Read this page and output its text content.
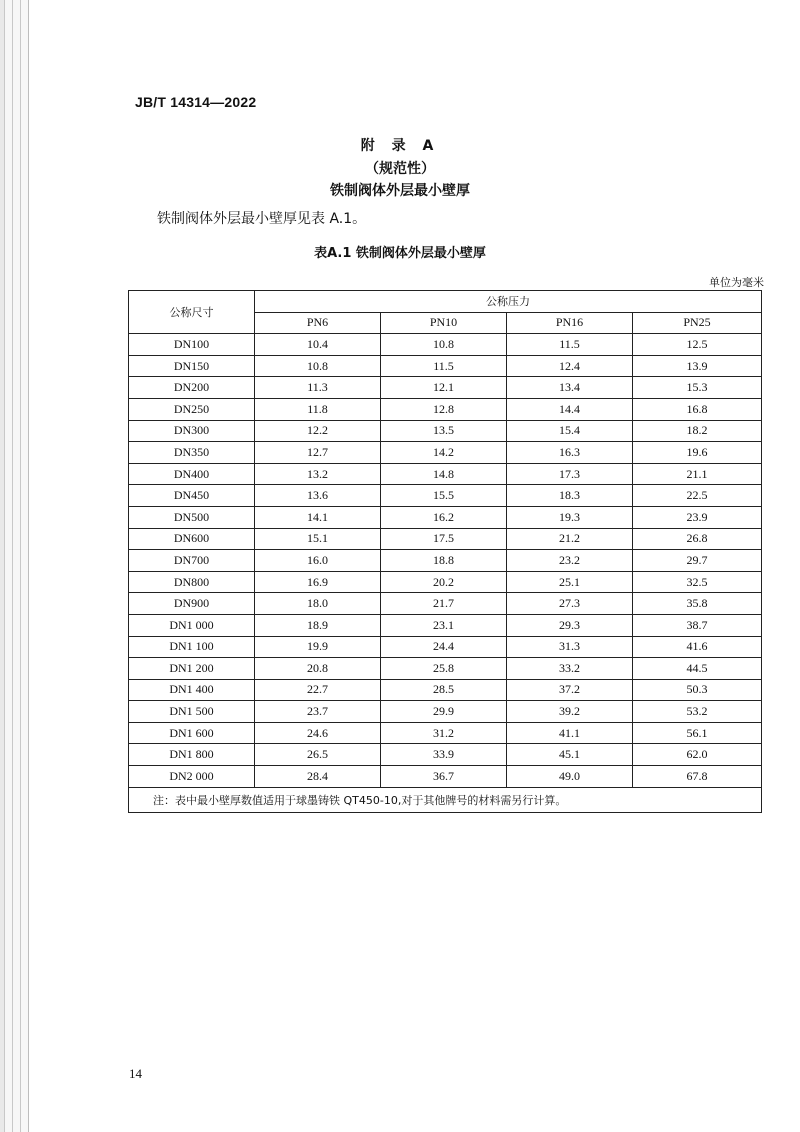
JB/T 14314—2022
附 录 A
（规范性）
铁制阀体外层最小壁厚
铁制阀体外层最小壁厚见表 A.1。
表A.1 铁制阀体外层最小壁厚
单位为毫米
公称尺寸	公称压力			
	PN6	PN10	PN16	PN25
DN100	10.4	10.8	11.5	12.5
DN150	10.8	11.5	12.4	13.9
DN200	11.3	12.1	13.4	15.3
DN250	11.8	12.8	14.4	16.8
DN300	12.2	13.5	15.4	18.2
DN350	12.7	14.2	16.3	19.6
DN400	13.2	14.8	17.3	21.1
DN450	13.6	15.5	18.3	22.5
DN500	14.1	16.2	19.3	23.9
DN600	15.1	17.5	21.2	26.8
DN700	16.0	18.8	23.2	29.7
DN800	16.9	20.2	25.1	32.5
DN900	18.0	21.7	27.3	35.8
DN1 000	18.9	23.1	29.3	38.7
DN1 100	19.9	24.4	31.3	41.6
DN1 200	20.8	25.8	33.2	44.5
DN1 400	22.7	28.5	37.2	50.3
DN1 500	23.7	29.9	39.2	53.2
DN1 600	24.6	31.2	41.1	56.1
DN1 800	26.5	33.9	45.1	62.0
DN2 000	28.4	36.7	49.0	67.8
注：表中最小壁厚数值适用于球墨铸铁 QT450-10,对于其他牌号的材料需另行计算。				
14
